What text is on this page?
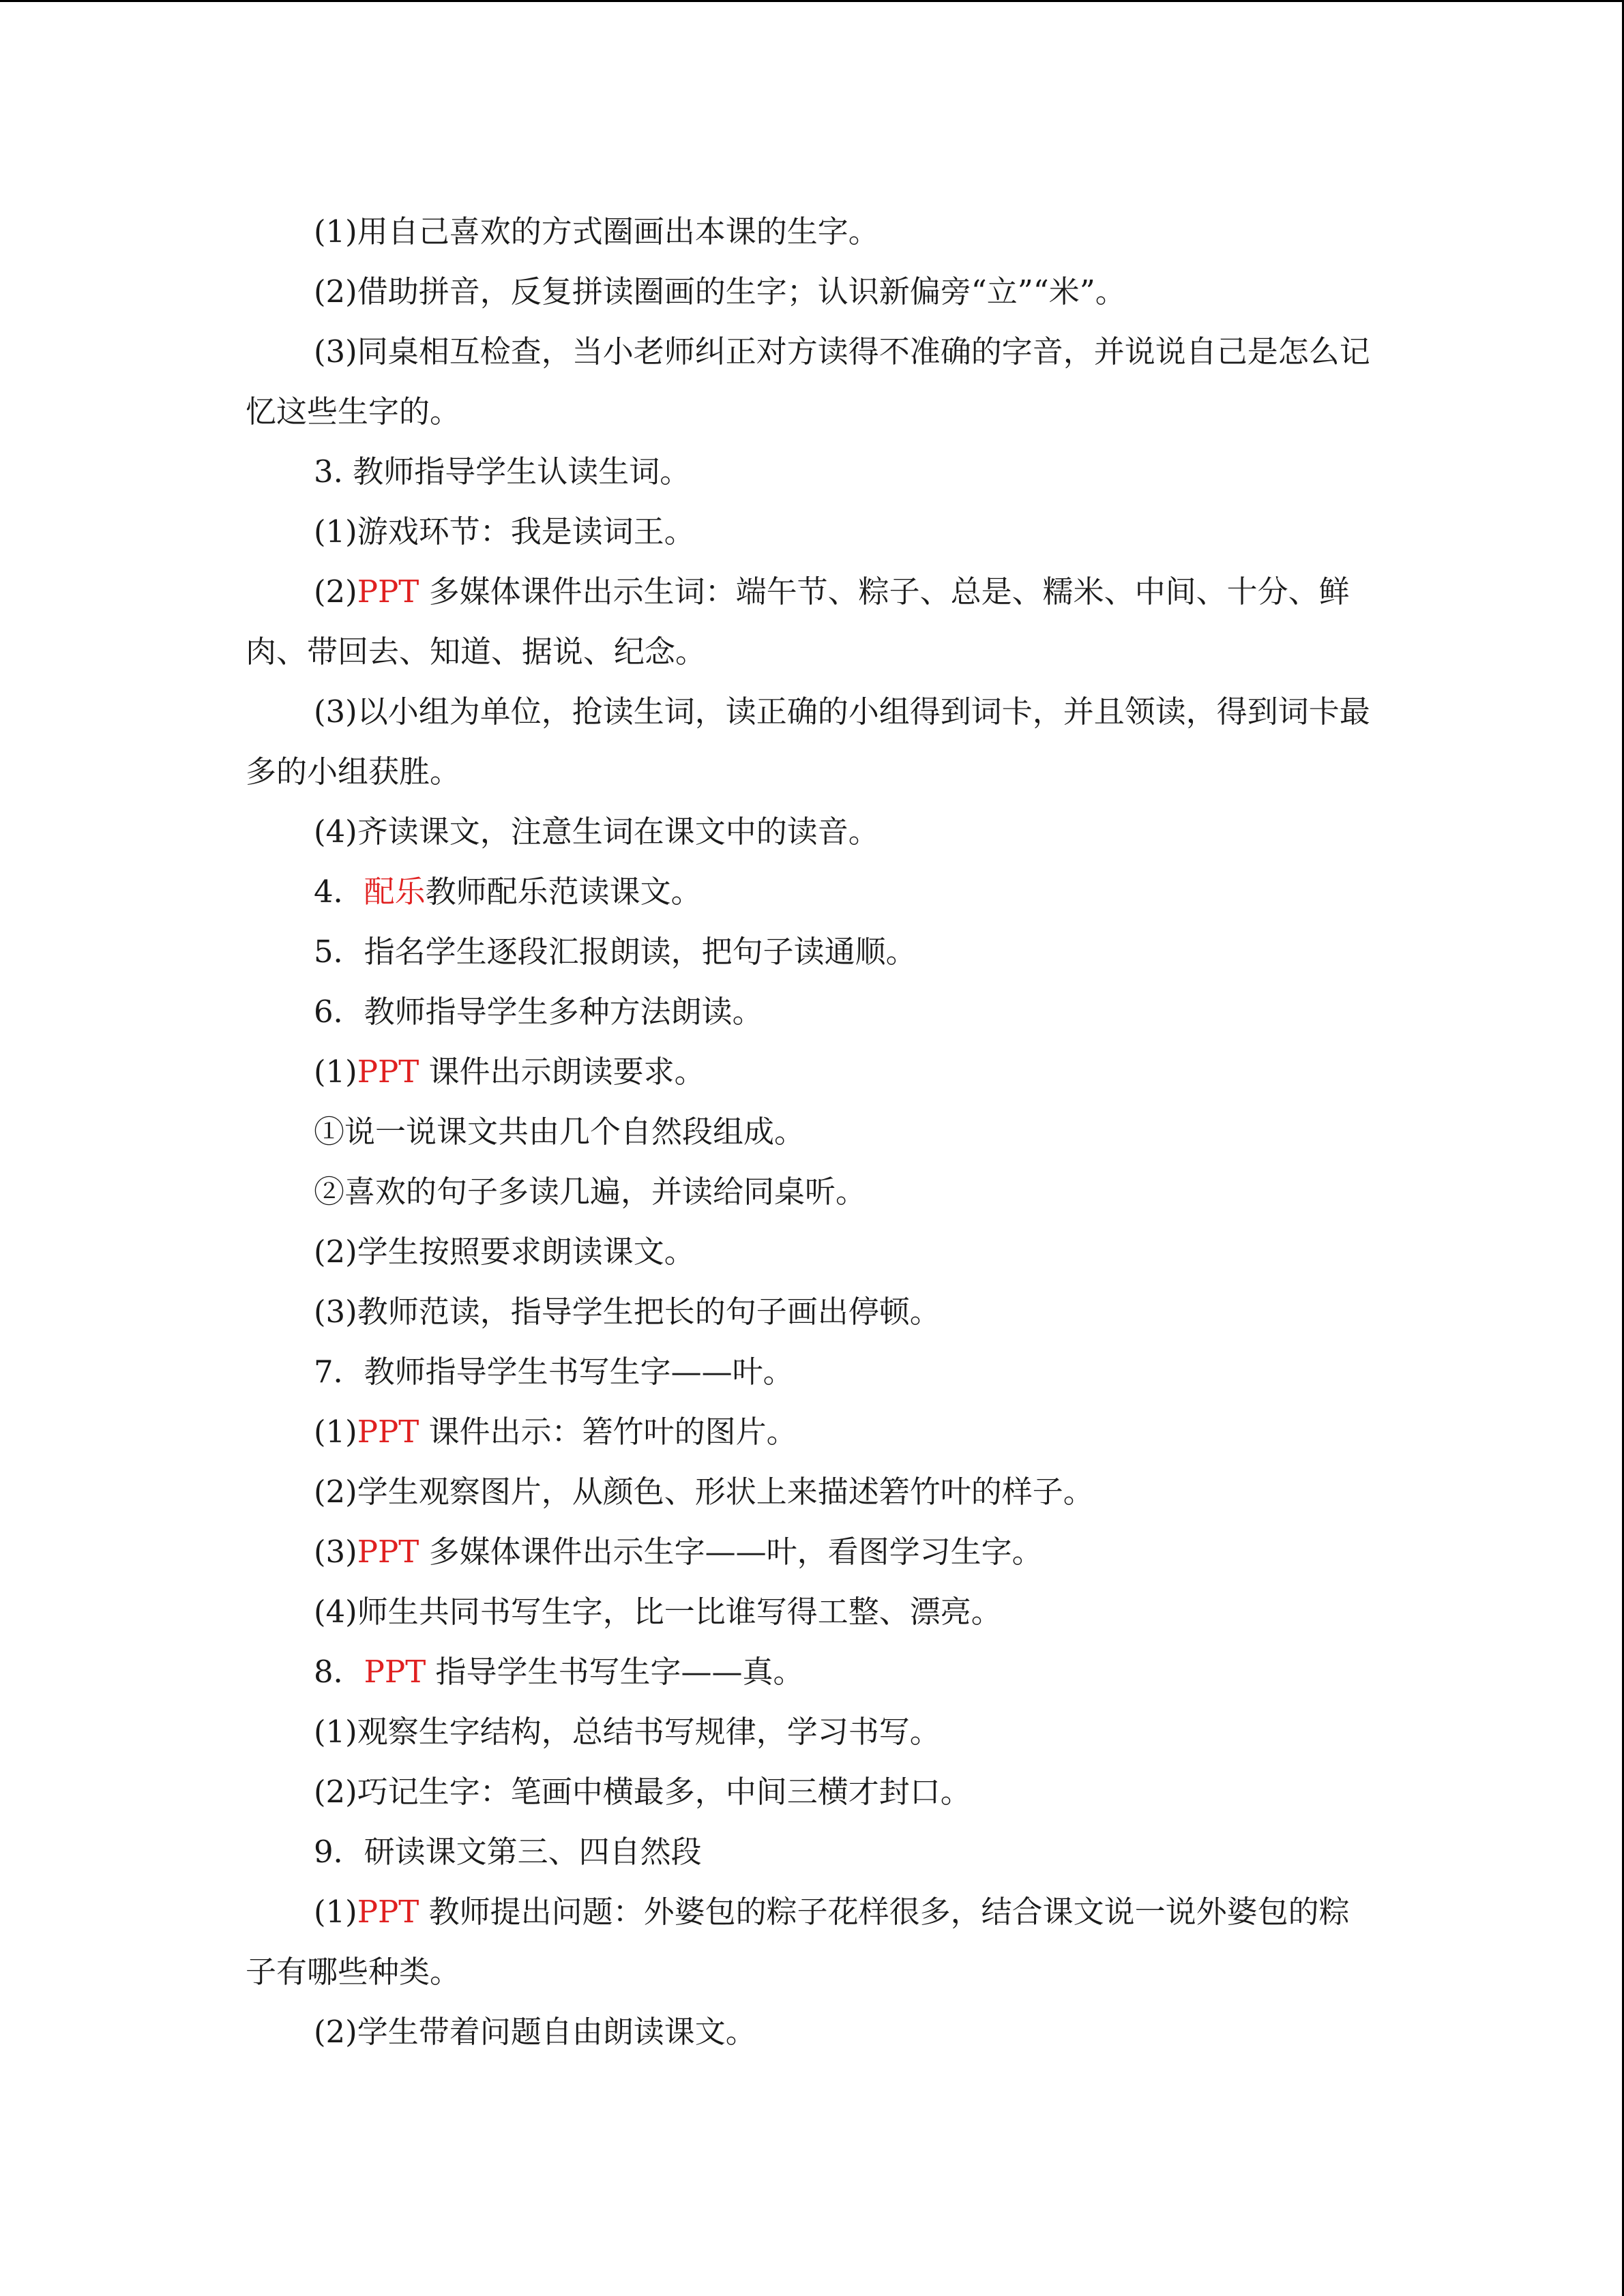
(1)用自己喜欢的方式圈画出本课的生字。

(2)借助拼音，反复拼读圈画的生字；认识新偏旁“立”“米”。

(3)同桌相互检查，当小老师纠正对方读得不准确的字音，并说说自己是怎么记忆这些生字的。

3. 教师指导学生认读生词。

(1)游戏环节：我是读词王。

(2)PPT 多媒体课件出示生词：端午节、粽子、总是、糯米、中间、十分、鲜肉、带回去、知道、据说、纪念。

(3)以小组为单位，抢读生词，读正确的小组得到词卡，并且领读，得到词卡最多的小组获胜。

(4)齐读课文，注意生词在课文中的读音。

4．配乐教师配乐范读课文。

5．指名学生逐段汇报朗读，把句子读通顺。

6．教师指导学生多种方法朗读。

(1)PPT 课件出示朗读要求。

①说一说课文共由几个自然段组成。

②喜欢的句子多读几遍，并读给同桌听。

(2)学生按照要求朗读课文。

(3)教师范读，指导学生把长的句子画出停顿。

7．教师指导学生书写生字——叶。

(1)PPT 课件出示：箬竹叶的图片。

(2)学生观察图片，从颜色、形状上来描述箬竹叶的样子。

(3)PPT 多媒体课件出示生字——叶，看图学习生字。

(4)师生共同书写生字，比一比谁写得工整、漂亮。

8．PPT 指导学生书写生字——真。

(1)观察生字结构，总结书写规律，学习书写。

(2)巧记生字：笔画中横最多，中间三横才封口。

9．研读课文第三、四自然段

(1)PPT 教师提出问题：外婆包的粽子花样很多，结合课文说一说外婆包的粽子有哪些种类。

(2)学生带着问题自由朗读课文。
